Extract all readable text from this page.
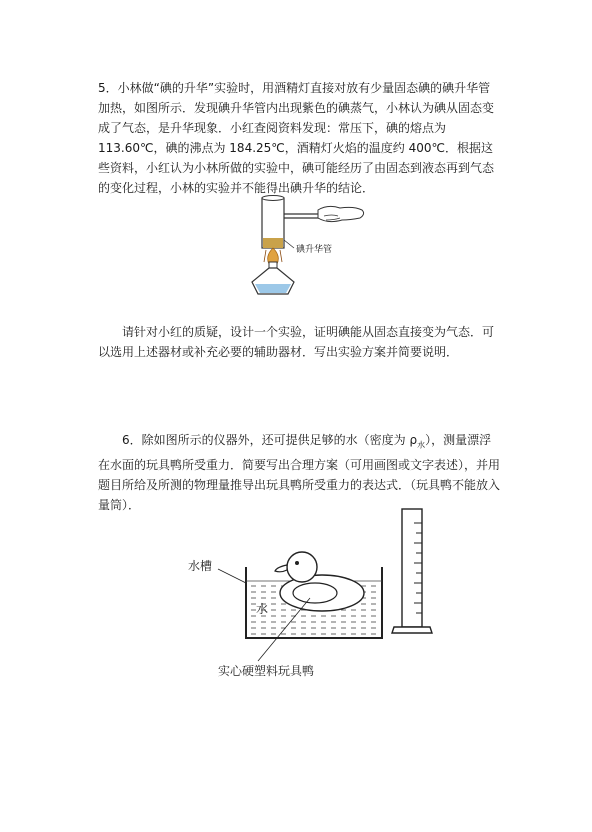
5．小林做“碘的升华”实验时，用酒精灯直接对放有少量固态碘的碘升华管加热，如图所示．发现碘升华管内出现紫色的碘蒸气，小林认为碘从固态变成了气态，是升华现象．小红查阅资料发现：常压下，碘的熔点为 113.60℃，碘的沸点为 184.25℃，酒精灯火焰的温度约 400℃．根据这些资料，小红认为小林所做的实验中，碘可能经历了由固态到液态再到气态的变化过程，小林的实验并不能得出碘升华的结论．

碘升华管

请针对小红的质疑，设计一个实验，证明碘能从固态直接变为气态．可以选用上述器材或补充必要的辅助器材．写出实验方案并简要说明．

6．除如图所示的仪器外，还可提供足够的水（密度为 $\rho_水$），测量漂浮在水面的玩具鸭所受重力．简要写出合理方案（可用画图或文字表述），并用题目所给及所测的物理量推导出玩具鸭所受重力的表达式．（玩具鸭不能放入量筒）．

水槽
水
实心硬塑料玩具鸭
